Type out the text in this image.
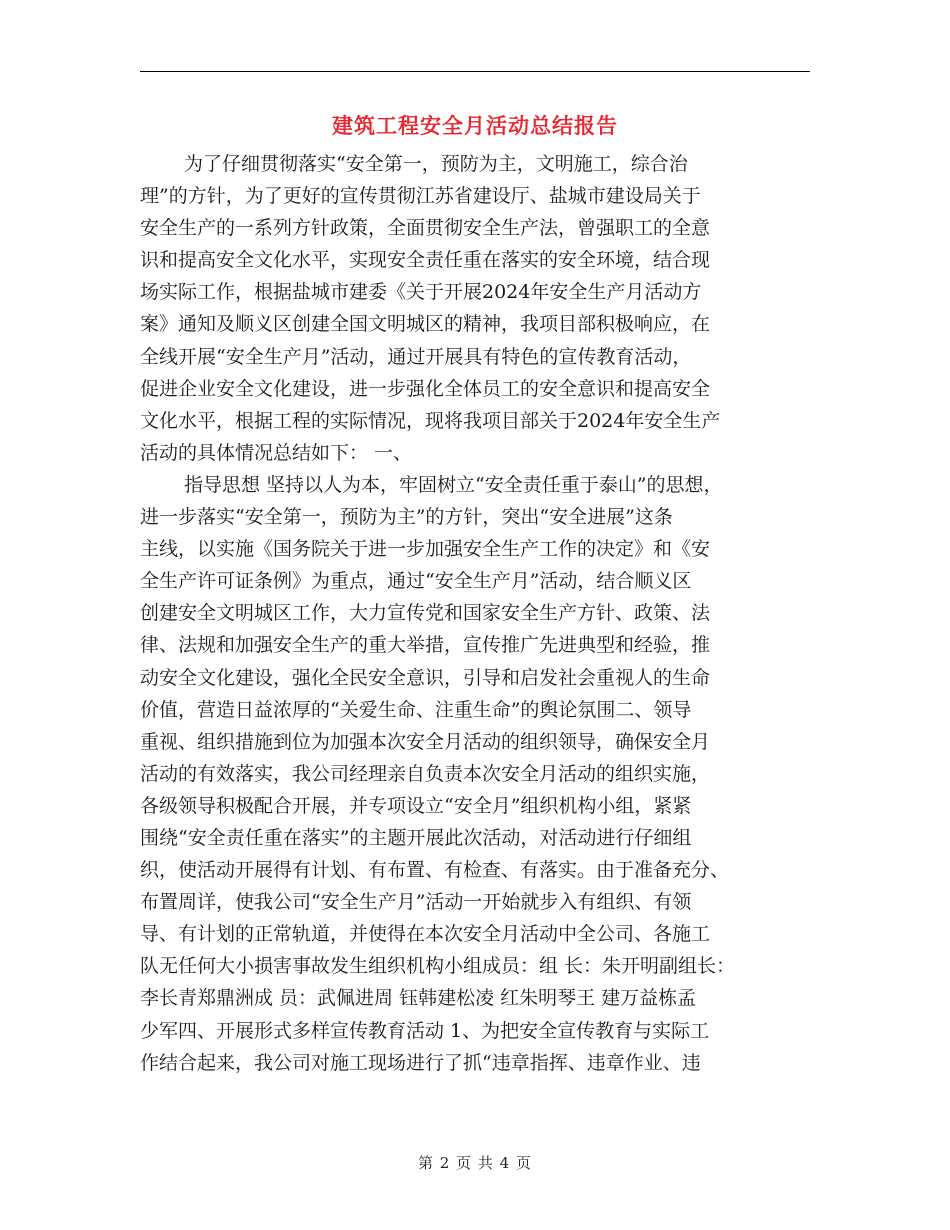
建筑工程安全月活动总结报告
为了仔细贯彻落实“安全第一，预防为主，文明施工，综合治
理”的方针，为了更好的宣传贯彻江苏省建设厅、盐城市建设局关于
安全生产的一系列方针政策，全面贯彻安全生产法，曾强职工的全意
识和提高安全文化水平，实现安全责任重在落实的安全环境，结合现
场实际工作，根据盐城市建委《关于开展2024年安全生产月活动方
案》通知及顺义区创建全国文明城区的精神，我项目部积极响应，在
全线开展“安全生产月”活动，通过开展具有特色的宣传教育活动，
促进企业安全文化建设，进一步强化全体员工的安全意识和提高安全
文化水平，根据工程的实际情况，现将我项目部关于2024年安全生产
活动的具体情况总结如下： 一、
指导思想 坚持以人为本，牢固树立“安全责任重于泰山”的思想，
进一步落实“安全第一，预防为主”的方针，突出“安全进展”这条
主线，以实施《国务院关于进一步加强安全生产工作的决定》和《安
全生产许可证条例》为重点，通过“安全生产月”活动，结合顺义区
创建安全文明城区工作，大力宣传党和国家安全生产方针、政策、法
律、法规和加强安全生产的重大举措，宣传推广先进典型和经验，推
动安全文化建设，强化全民安全意识，引导和启发社会重视人的生命
价值，营造日益浓厚的“关爱生命、注重生命”的舆论氛围二、领导
重视、组织措施到位为加强本次安全月活动的组织领导，确保安全月
活动的有效落实，我公司经理亲自负责本次安全月活动的组织实施，
各级领导积极配合开展，并专项设立“安全月”组织机构小组，紧紧
围绕“安全责任重在落实”的主题开展此次活动，对活动进行仔细组
织，使活动开展得有计划、有布置、有检查、有落实。由于准备充分、
布置周详，使我公司“安全生产月”活动一开始就步入有组织、有领
导、有计划的正常轨道，并使得在本次安全月活动中全公司、各施工
队无任何大小损害事故发生组织机构小组成员：组 长：朱开明副组长：
李长青郑鼎洲成 员：武佩进周 钰韩建松凌 红朱明琴王 建万益栋孟
少军四、开展形式多样宣传教育活动 1、为把安全宣传教育与实际工
作结合起来，我公司对施工现场进行了抓“违章指挥、违章作业、违
第 2 页 共 4 页
